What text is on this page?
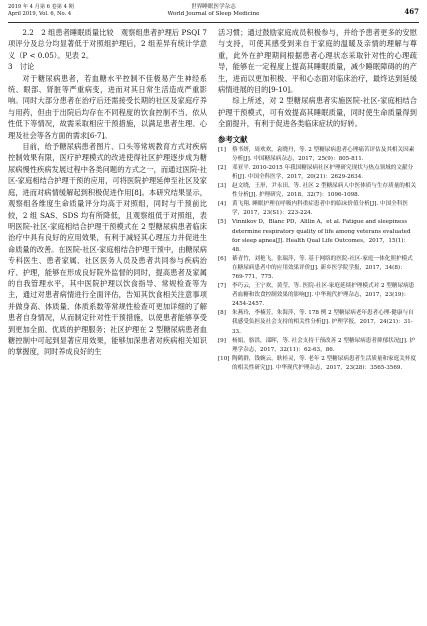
2019 年 4 月第 6 卷第 4 期
April 2019, Vol. 6, No. 4
世界睡眠医学杂志
World Journal of Sleep Medicine	467

2.2　2 组患者睡眠质量比较　观察组患者护理后 PSQI 7 项评分及总分均显著低于对照组护理后，2 组差异有统计学意义（P < 0.05）。见表 2。

3　讨论

对于糖尿病患者，若血糖水平控制不佳极易产生神经系统、眼部、肾脏等严重病变，进而对其日常生活造成严重影响。同时大部分患者在治疗后还需接受长期的社区及家庭疗养与用药，但由于出院后均存在不同程度的饮食控制不当、依从性低下等情况，故需采取相应干预措施，以满足患者生理、心理及社会等各方面的需求[6-7]。

目前，给予糖尿病患者图片、口头等常规教育方式对疾病控制效果有限，医疗护理模式的改进使得社区护理逐步成为糖尿病慢性疾病发展过程中各类问题的方式之一，而通过医院-社区-家庭相结合护理干预的应用，可将医院护理延伸至社区及家庭，进而对病情缓解起到积极促进作用[8]。本研究结果显示，观察组各维度生命质量评分均高于对照组，同时与干预前比较，2 组 SAS、SDS 均有所降低，且观察组低于对照组，表明医院-社区-家庭相结合护理干预模式在 2 型糖尿病患者临床治疗中具有良好的应用效果，有利于减轻其心理压力并促进生命质量的改善。在医院-社区-家庭相结合护理干预中，由糖尿病专科医生、患者家属、社区医务人员及患者共同参与疾病治疗、护理，能够在形成良好院外监督的同时，提高患者及家属的自我管理水平，其中医院护理以饮食指导、常规检查等为主，通过对患者病情进行全面评估，告知其饮食相关注意事项并做身高、体质量、体质系数等常规性检查可更加详细的了解患者自身情况，从而制定针对性干预措施，以使患者能够享受到更加全面、优质的护理服务；社区护理在 2 型糖尿病患者血糖控制中可起到显著应用效果，能够加深患者对疾病相关知识的掌握度，同时养成良好的生

活习惯；通过鼓励家庭成员积极参与，并给予患者更多的安慰与支持，可使其感受到来自于家庭的温暖及亲情的理解与尊重，此外在护理期间根据患者心理状态采取针对性的心理疏导，能够在一定程度上提高其睡眠质量，减少睡眠障碍的的产生，进而以更加积极、平和心态面对临床治疗，最终达到延缓病情进展的目的[9-10]。

综上所述，对 2 型糖尿病患者实施医院-社区-家庭相结合护理干预模式，可有效提高其睡眠质量，同时使生命质量得到全面提升，有利于促进各类临床症状的好转。

参考文献
[1]	蔡书妍，周欢欢，袁晓丹，等. 2 型糖尿病患者心理痛苦评估及其相关因素分析[J]. 中国糖尿病杂志，2017，25(9)：805-811.
[2]	邓亚平. 2010-2015 年我国糖尿病社区护理研究现状与热点领域的文献分析[J]. 中国全科医学，2017，20(21)：2629-2634.
[3]	赵文晓，王形，尹永田，等. 社区 2 型糖尿病人中医体质与生存质量的相关性分析[J]. 护理研究，2018，32(7)：1096-1098.
[4]	黄飞翔. 睡眠护理在呼吸内科重症患者中的临床价值分析[J]. 中国全科医学，2017，23(S1)：223-224.
[5]	Vinnikov D，Blanc PD，Alilin A，et al. Fatigue and sleepiness determine respiratory quality of life among veterans evaluated for sleep apnea[J]. Health Qual Life Outcomes，2017，15(1)：48.
[6]	綦青竹，刘艳飞，张瑞萍，等. 基于网络的医院-社区-家庭一体化照护模式在糖尿病患者中的应用效果评价[J]. 新乡医学院学报，2017，34(8)：769-771，775.
[7]	李巧云，王宁欢，黄莹，等. 医院-社区-家庭延续护理模式对 2 型糖尿病患者血糖和饮食控制效果的影响[J]. 中华现代护理杂志，2017，23(19)：2454-2457.
[8]	朱燕玲，李楠芳，朱海萍，等. 178 例 2 型糖尿病老年患者心理-健康与自我感受负担及社会支持的相关性分析[J]. 护理学报，2017，24(21)：31-33.
[9]	杨娟，骆洪，邵晖，等. 社会支持干预改善 2 型糖尿病患者抑郁状况[J]. 护理学杂志，2017，32(11)：62-63，86.
[10] 陶鹤群，钱婉云，耿桂灵，等. 老年 2 型糖尿病患者生活质量和家庭关怀度的相关性研究[J]. 中华现代护理杂志，2017，23(28)：3565-3569.
